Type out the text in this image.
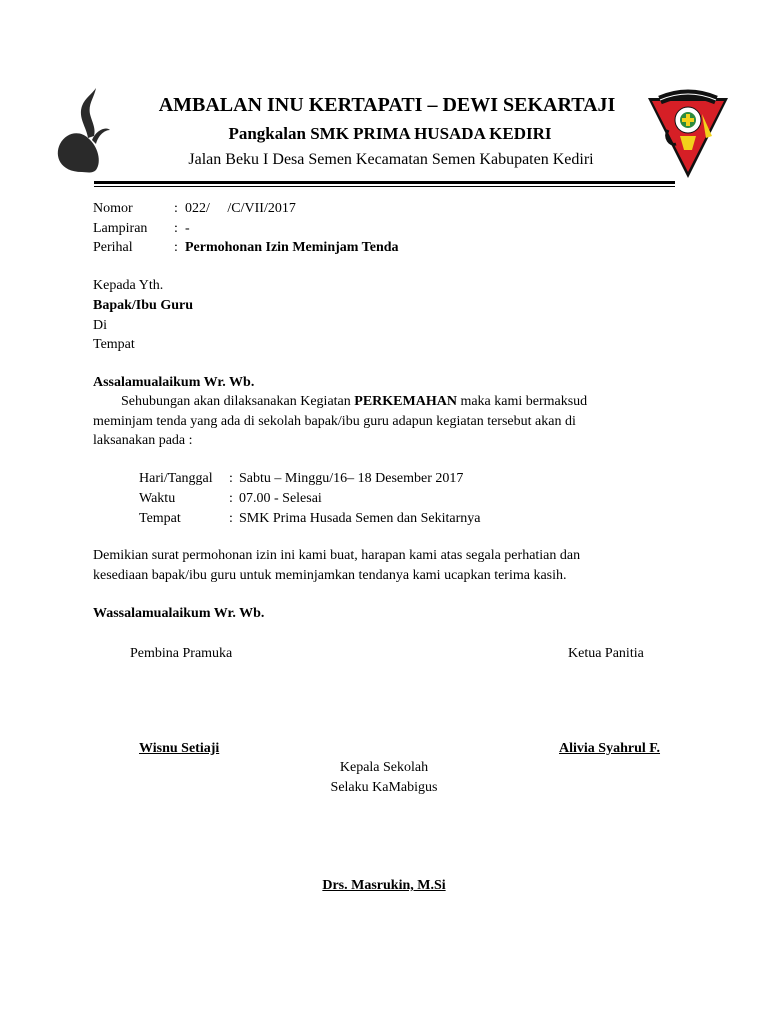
AMBALAN INU KERTAPATI – DEWI SEKARTAJI
Pangkalan SMK PRIMA HUSADA KEDIRI
Jalan Beku I Desa Semen Kecamatan Semen Kabupaten Kediri
Nomor	: 022/     /C/VII/2017
Lampiran : -
Perihal	: Permohonan Izin Meminjam Tenda
Kepada Yth.
Bapak/Ibu Guru
Di
Tempat
Assalamualaikum Wr. Wb.
Sehubungan akan dilaksanakan Kegiatan PERKEMAHAN maka kami bermaksud
meminjam tenda yang ada di sekolah bapak/ibu guru adapun kegiatan tersebut akan di
laksanakan pada :
Hari/Tanggal : Sabtu – Minggu/16– 18 Desember 2017
Waktu	: 07.00 - Selesai
Tempat	: SMK Prima Husada Semen dan Sekitarnya
Demikian surat permohonan izin ini kami buat, harapan kami atas segala perhatian dan
kesediaan bapak/ibu guru untuk meminjamkan tendanya kami ucapkan terima kasih.
Wassalamualaikum Wr. Wb.
Pembina Pramuka	Ketua Panitia
Wisnu Setiaji	Alivia Syahrul F.
Kepala Sekolah
Selaku KaMabigus
Drs. Masrukin, M.Si
